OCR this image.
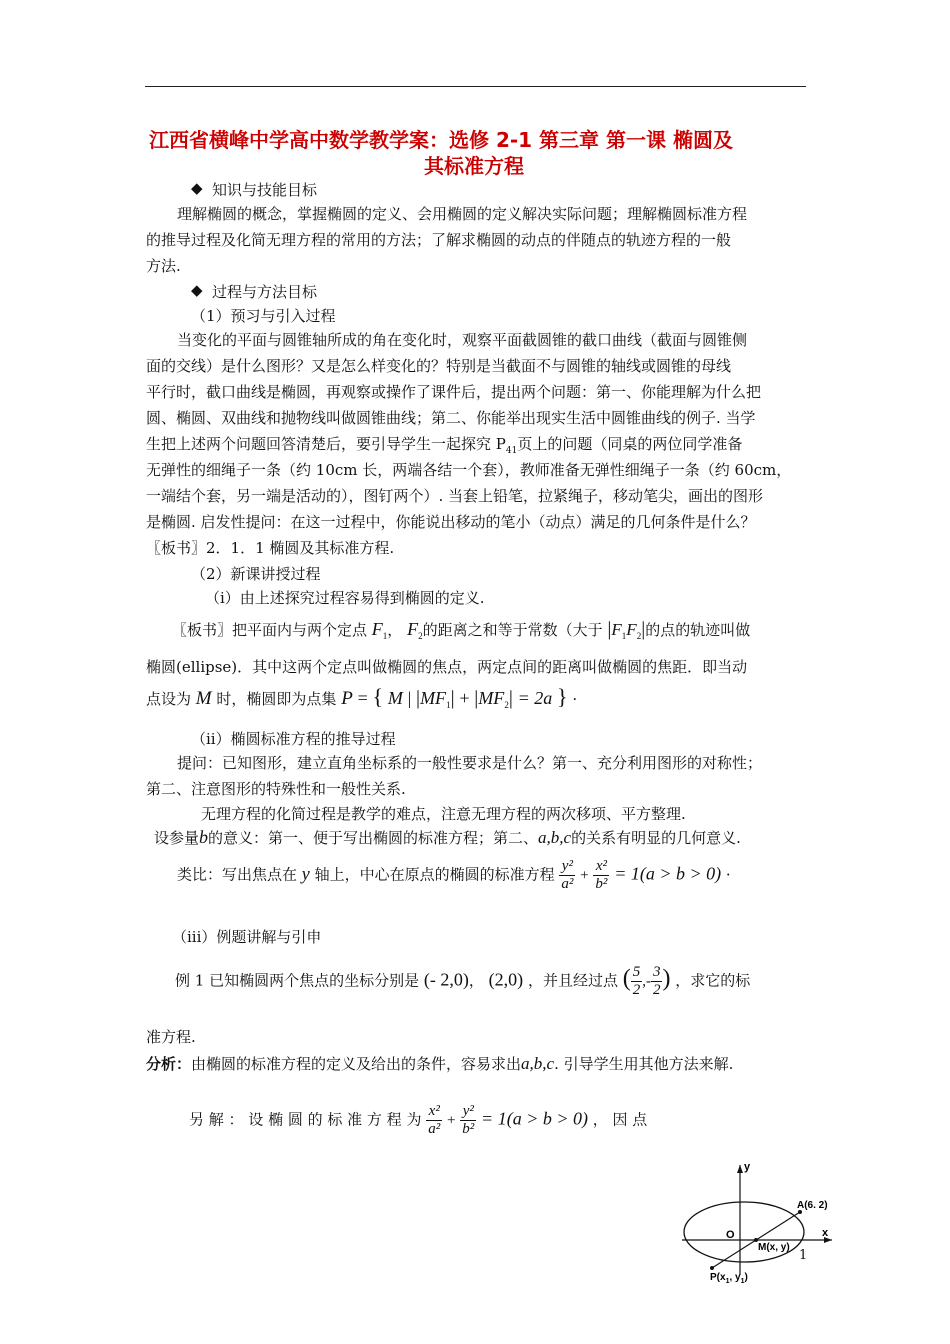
江西省横峰中学高中数学教学案：选修 2-1 第三章 第一课 椭圆及
其标准方程
◆ 知识与技能目标
理解椭圆的概念，掌握椭圆的定义、会用椭圆的定义解决实际问题；理解椭圆标准方程
的推导过程及化简无理方程的常用的方法；了解求椭圆的动点的伴随点的轨迹方程的一般
方法.
◆ 过程与方法目标
（1）预习与引入过程
当变化的平面与圆锥轴所成的角在变化时，观察平面截圆锥的截口曲线（截面与圆锥侧
面的交线）是什么图形？又是怎么样变化的？特别是当截面不与圆锥的轴线或圆锥的母线
平行时，截口曲线是椭圆，再观察或操作了课件后，提出两个问题：第一、你能理解为什么把
圆、椭圆、双曲线和抛物线叫做圆锥曲线；第二、你能举出现实生活中圆锥曲线的例子. 当学
生把上述两个问题回答清楚后，要引导学生一起探究 $P_{41}$页上的问题（同桌的两位同学准备
无弹性的细绳子一条（约 10cm 长，两端各结一个套），教师准备无弹性细绳子一条（约 60cm，
一端结个套，另一端是活动的），图钉两个）. 当套上铅笔，拉紧绳子，移动笔尖，画出的图形
是椭圆. 启发性提问：在这一过程中，你能说出移动的笔小（动点）满足的几何条件是什么？
〖板书〗2．1．1 椭圆及其标准方程.
（2）新课讲授过程
（i）由上述探究过程容易得到椭圆的定义.
〖板书〗把平面内与两个定点 $F_1$， $F_2$的距离之和等于常数（大于 $|F_1F_2|$的点的轨迹叫做
椭圆(ellipse)．其中这两个定点叫做椭圆的焦点，两定点间的距离叫做椭圆的焦距．即当动
点设为 M 时，椭圆即为点集 P = { M | $|MF_1| + |MF_2| = 2a$ } ·
（ii）椭圆标准方程的推导过程
提问：已知图形，建立直角坐标系的一般性要求是什么？第一、充分利用图形的对称性；
第二、注意图形的特殊性和一般性关系.
无理方程的化简过程是教学的难点，注意无理方程的两次移项、平方整理.
设参量b的意义：第一、便于写出椭圆的标准方程；第二、a,b,c的关系有明显的几何意义.
类比：写出焦点在 y 轴上，中心在原点的椭圆的标准方程 $\frac{\text{y²}}{\text{a²}} + \frac{\text{x²}}{\text{b²}} = 1(a > b > 0)$ ·
（iii）例题讲解与引申
例 1 已知椭圆两个焦点的坐标分别是 (- 2,0)， (2,0) ，并且经过点 ( $\frac{5}{2}$ ,- $\frac{3}{2}$ ) ，求它的标
准方程.
分析：由椭圆的标准方程的定义及给出的条件，容易求出a,b,c. 引导学生用其他方法来解.
另 解 ： 设 椭 圆 的 标 准 方 程 为 $\frac{\text{x²}}{\text{a²}} + \frac{\text{y²}}{\text{b²}} = 1(a > b > 0)$ ， 因 点
y
x
O
A(6. 2)
M(x, y)
$P(x_1$, $y_1$)
1
